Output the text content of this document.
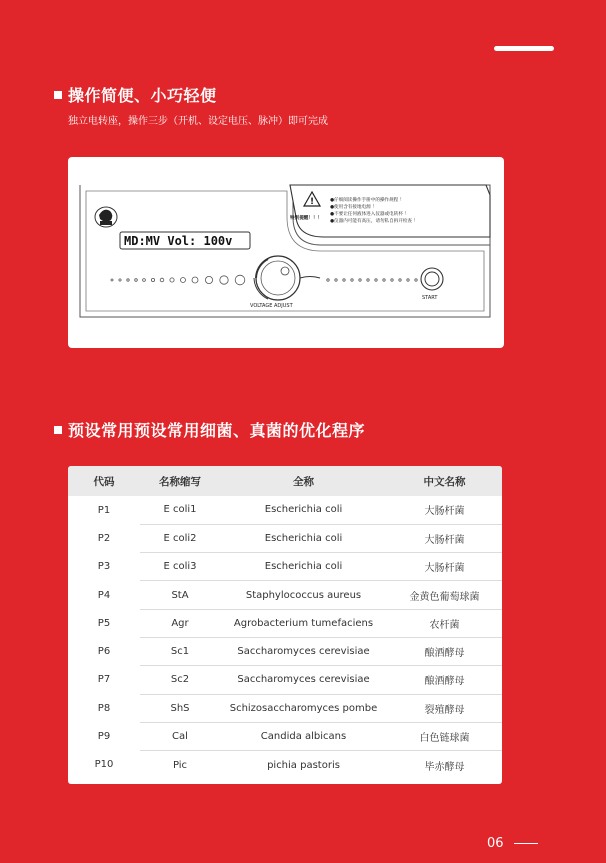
操作简便、小巧轻便
独立电转座，操作三步（开机、设定电压、脉冲）即可完成
!
特别提醒！！！
●仔细阅读操作手册中的操作规程 ！
●使用含有接地电源 ！
●不要让任何液体进入仪器或电转杯 ！
●仪器内可能有高压，请勿私自拆开检查 ！
MD:MV Vol: 100v
VOLTAGE ADJUST
START
预设常用预设常用细菌、真菌的优化程序
代码	名称缩写	全称	中文名称
P1	E coli1	Escherichia coli	大肠杆菌
P2	E coli2	Escherichia coli	大肠杆菌
P3	E coli3	Escherichia coli	大肠杆菌
P4	StA	Staphylococcus aureus	金黄色葡萄球菌
P5	Agr	Agrobacterium tumefaciens	农杆菌
P6	Sc1	Saccharomyces cerevisiae	酿酒酵母
P7	Sc2	Saccharomyces cerevisiae	酿酒酵母
P8	ShS	Schizosaccharomyces pombe	裂殖酵母
P9	Cal	Candida albicans	白色链球菌
P10	Pic	pichia pastoris	毕赤酵母
06
